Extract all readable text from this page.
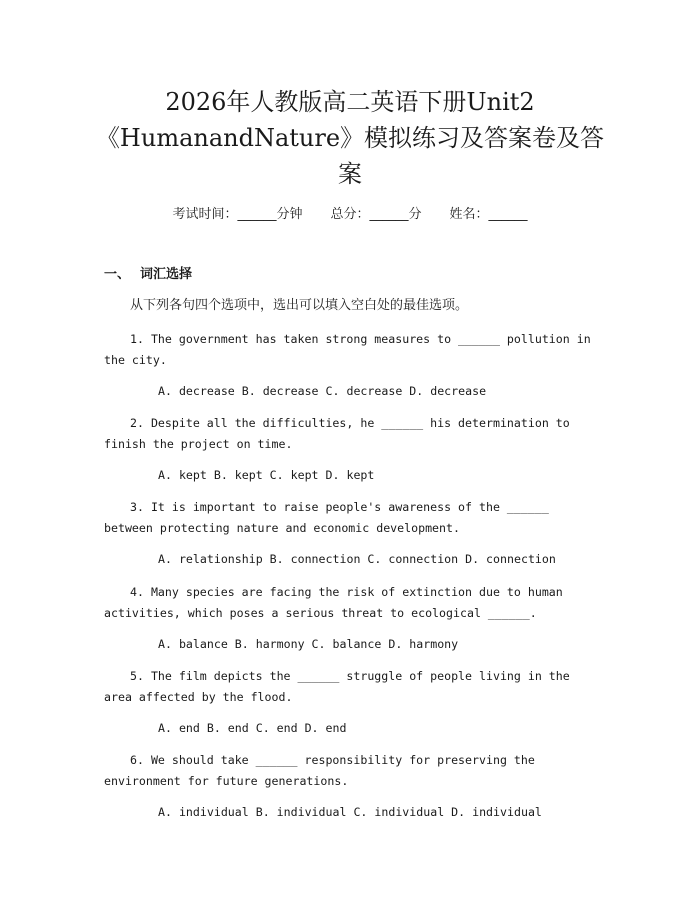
2026年人教版高二英语下册Unit2
《HumanandNature》模拟练习及答案卷及答
案
考试时间：______分钟 总分：______分 姓名：______
一、 词汇选择
从下列各句四个选项中，选出可以填入空白处的最佳选项。
1. The government has taken strong measures to ______ pollution in the city.
A. decrease B. decrease C. decrease D. decrease
2. Despite all the difficulties, he ______ his determination to finish the project on time.
A. kept B. kept C. kept D. kept
3. It is important to raise people's awareness of the ______ between protecting nature and economic development.
A. relationship B. connection C. connection D. connection
4. Many species are facing the risk of extinction due to human activities, which poses a serious threat to ecological ______.
A. balance B. harmony C. balance D. harmony
5. The film depicts the ______ struggle of people living in the area affected by the flood.
A. end B. end C. end D. end
6. We should take ______ responsibility for preserving the environment for future generations.
A. individual B. individual C. individual D. individual
